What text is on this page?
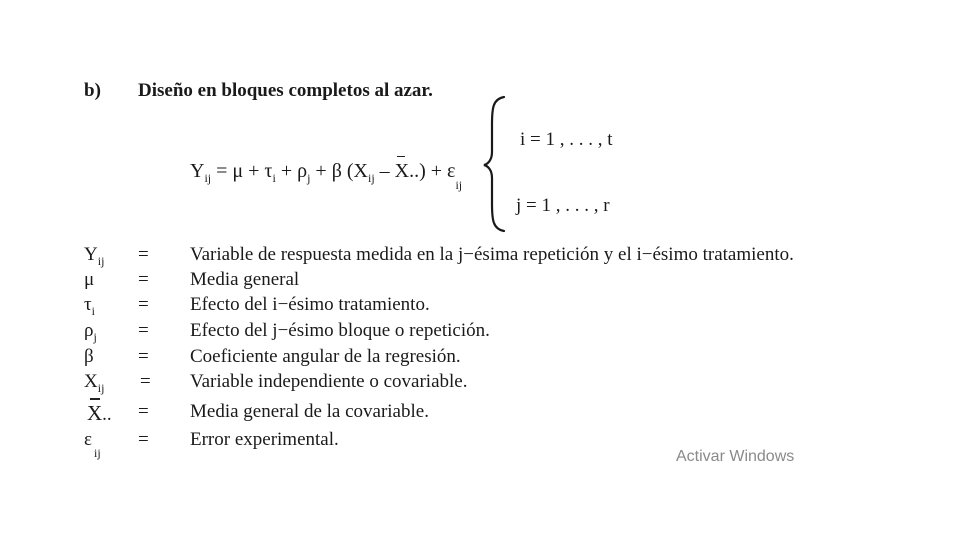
b) Diseño en bloques completos al azar.
$Y_{ij} = \mu + \tau_i + \rho_j + \beta$ $(X_{ij} - X..) + \varepsilon_{ij}$
i = 1 , . . . , t
j = 1 , . . . , r
$Y_{ij}$ = Variable de respuesta medida en la j−ésima repetición y el i−ésimo tratamiento.
μ = Media general
$\tau_i$ = Efecto del i−ésimo tratamiento.
$\rho_j$ = Efecto del j−ésimo bloque o repetición.
β = Coeficiente angular de la regresión.
$X_{ij}$ = Variable independiente o covariable.
X.. = Media general de la covariable.
$\varepsilon_{ij}$
= Error experimental.
Activar Windows
